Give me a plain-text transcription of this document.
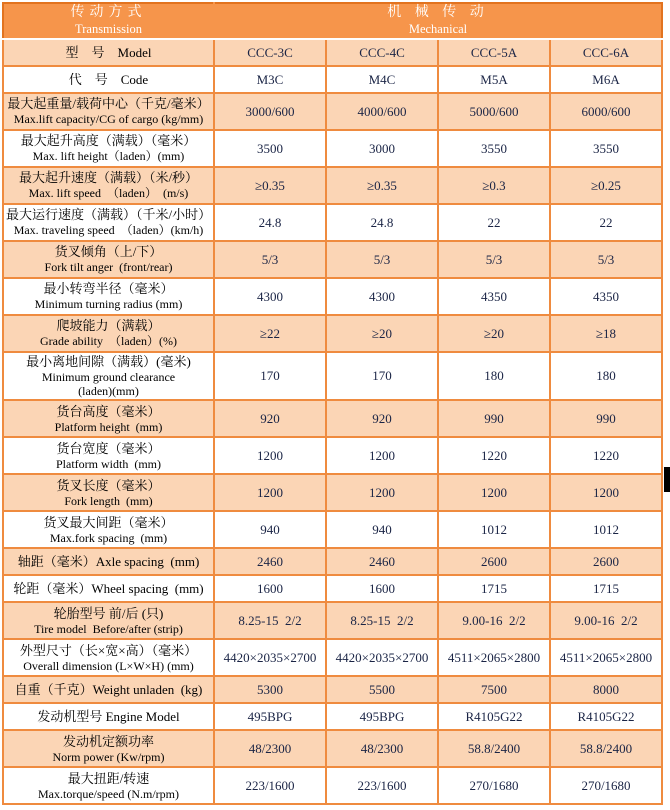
传动方式
Transmission

机 械 传 动
Mechanical

型　号　Model	CCC-3C	CCC-4C	CCC-5A	CCC-6A

代　号　Code	M3C	M4C	M5A	M6A

最大起重量/载荷中心（千克/毫米）
Max.lift capacity/CG of cargo (kg/mm)	3000/600	4000/600	5000/600	6000/600

最大起升高度（满载）（毫米）
Max. lift height（laden）(mm)	3500	3000	3550	3550

最大起升速度（满载）（米/秒）
Max. lift speed  （laden）  (m/s)	≥0.35	≥0.35	≥0.3	≥0.25

最大运行速度（满载）（千米/小时）
Max. traveling speed  （laden）(km/h)	24.8	24.8	22	22

货叉倾角（上/下）
Fork tilt anger  (front/rear)	5/3	5/3	5/3	5/3

最小转弯半径（毫米）
Minimum turning radius (mm)	4300	4300	4350	4350

爬坡能力（满载）
Grade ability  （laden）(%)	≥22	≥20	≥20	≥18

最小离地间隙（满载）(毫米)
Minimum ground clearance
(laden)(mm)	170	170	180	180

货台高度（毫米）
Platform height  (mm)	920	920	990	990

货台宽度（毫米）
Platform width  (mm)	1200	1200	1220	1220

货叉长度（毫米）
Fork length  (mm)	1200	1200	1200	1200

货叉最大间距（毫米）
Max.fork spacing  (mm)	940	940	1012	1012

轴距（毫米）Axle spacing  (mm)	2460	2460	2600	2600

轮距（毫米）Wheel spacing  (mm)	1600	1600	1715	1715

轮胎型号 前/后 (只)
Tire model  Before/after (strip)	8.25-15  2/2	8.25-15  2/2	9.00-16  2/2	9.00-16  2/2

外型尺寸（长×宽×高）（毫米）
Overall dimension (L×W×H) (mm)	4420×2035×2700	4420×2035×2700	4511×2065×2800	4511×2065×2800

自重（千克）Weight unladen  (kg)	5300	5500	7500	8000

发动机型号 Engine Model	495BPG	495BPG	R4105G22	R4105G22

发动机定额功率
Norm power (Kw/rpm)	48/2300	48/2300	58.8/2400	58.8/2400

最大扭距/转速
Max.torque/speed (N.m/rpm)	223/1600	223/1600	270/1680	270/1680
